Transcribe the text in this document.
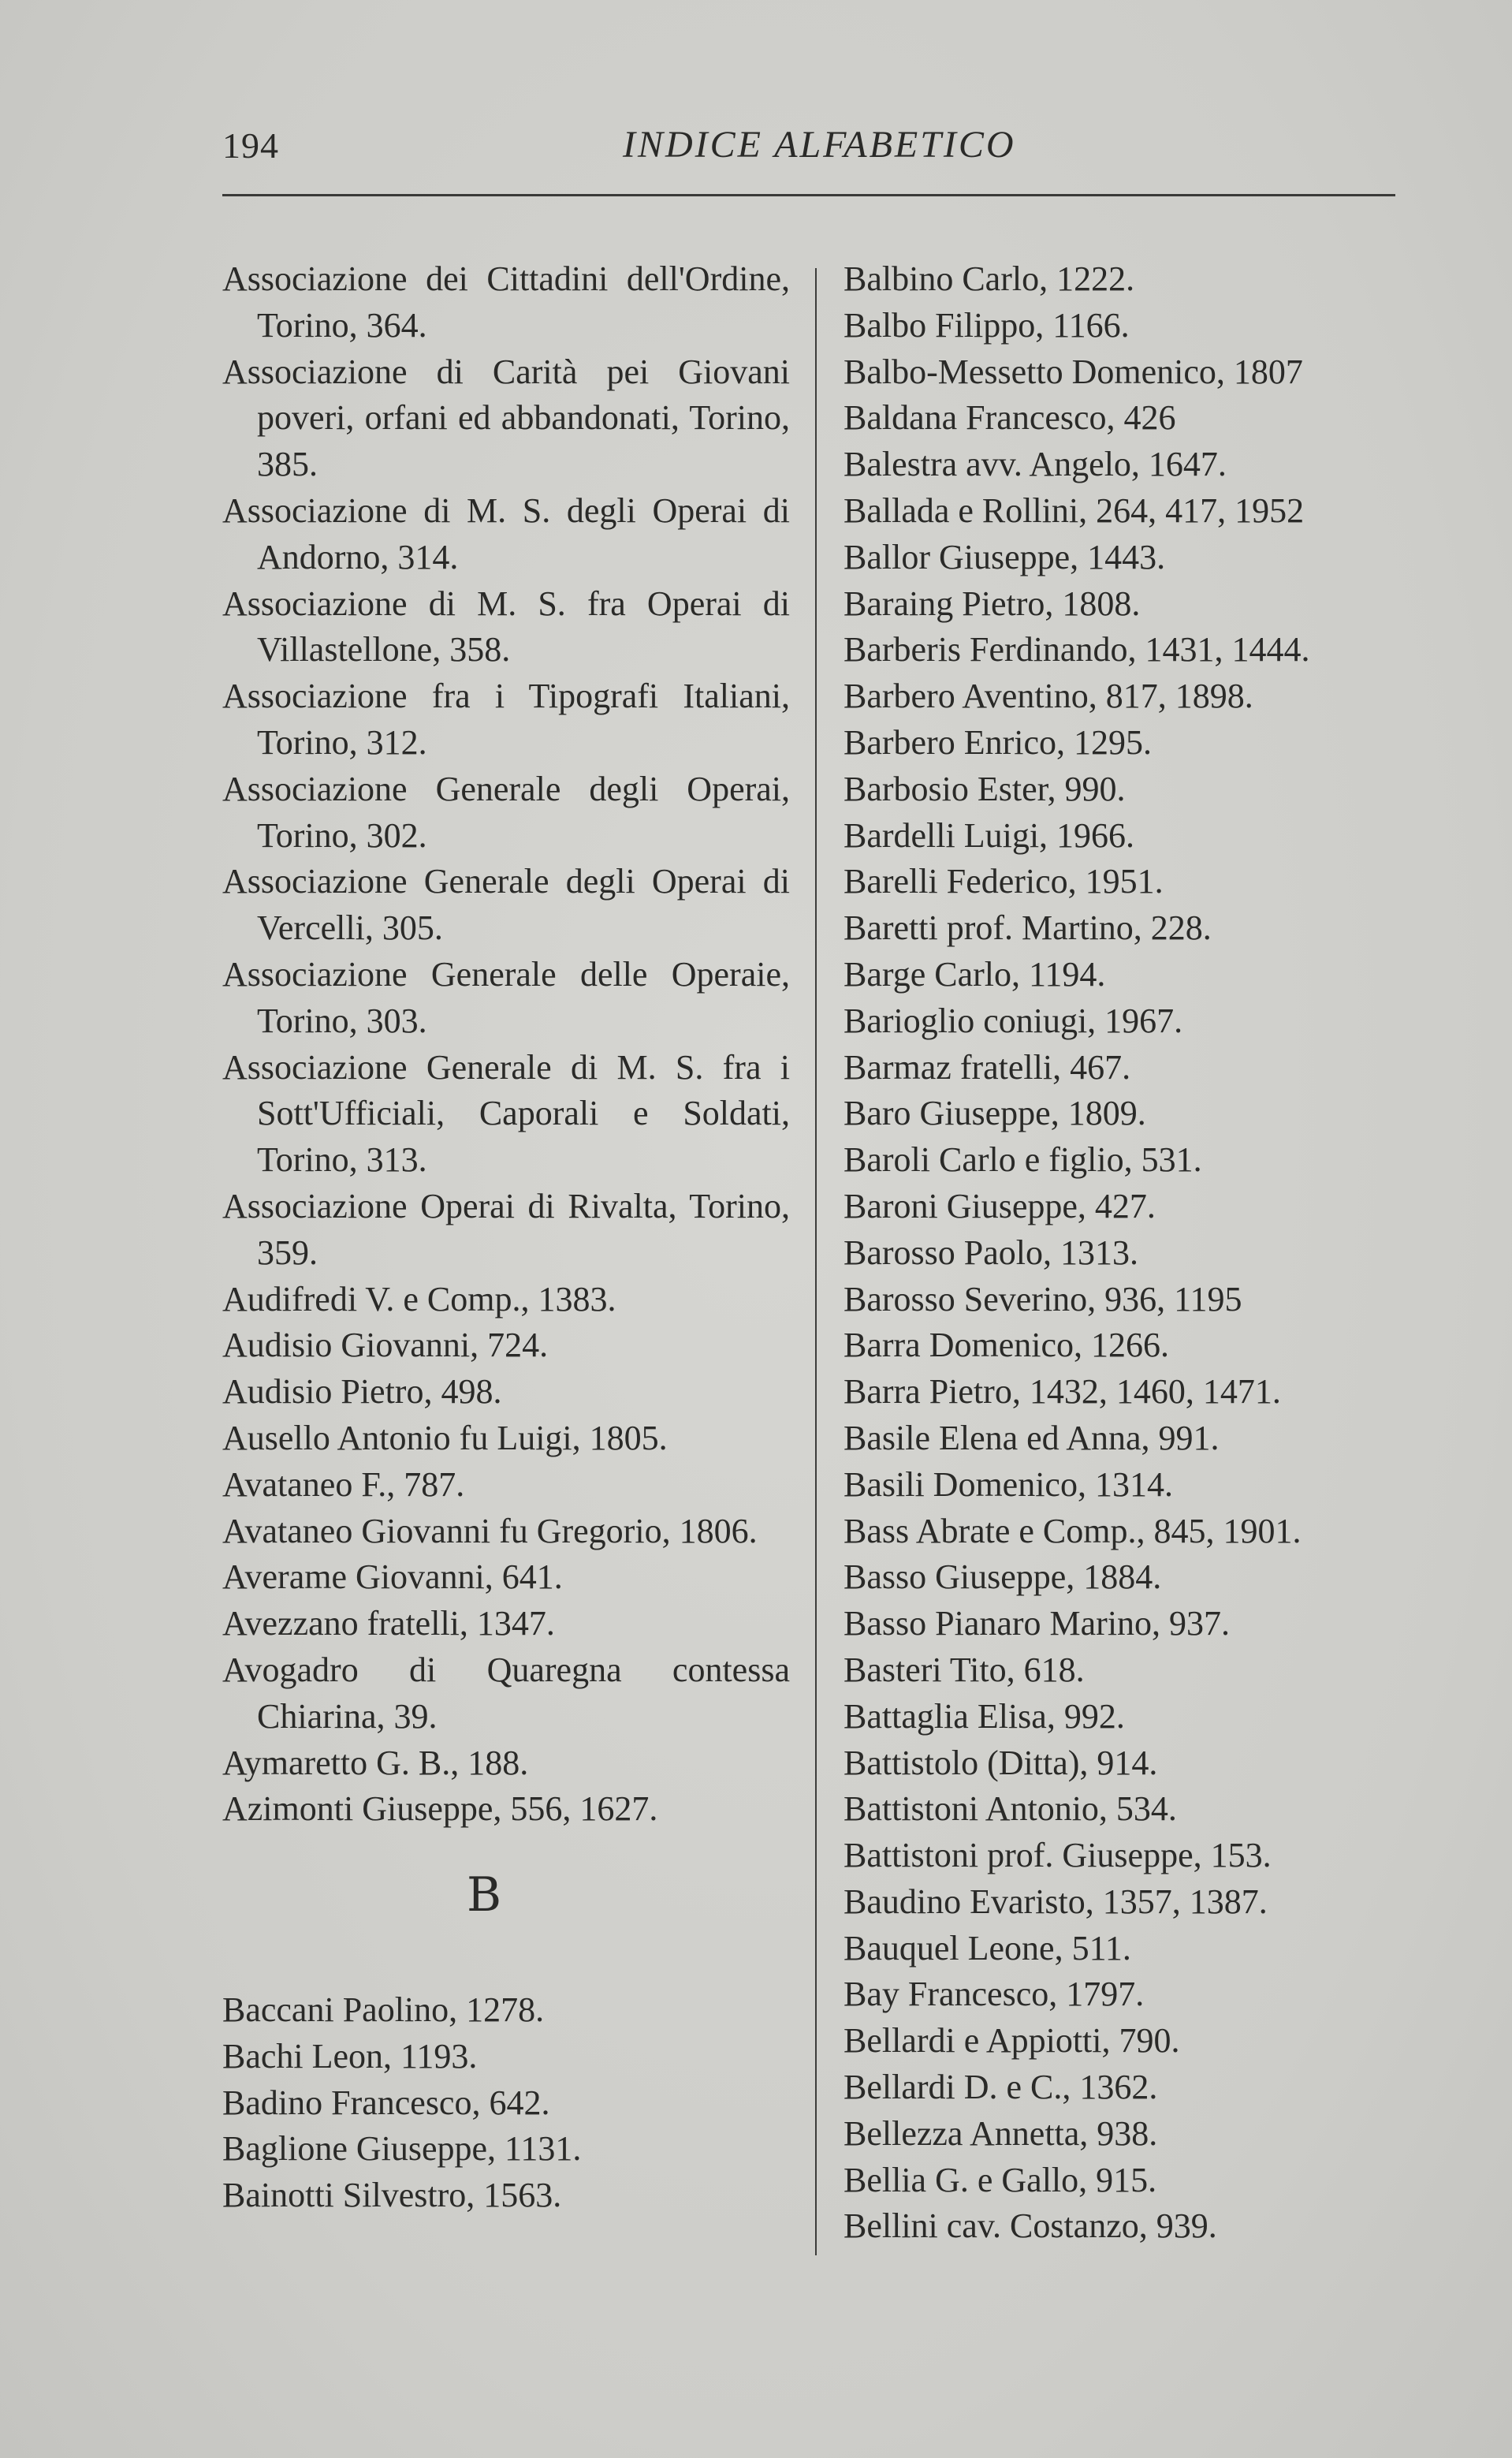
194	INDICE ALFABETICO
Associazione dei Cittadini dell'Ordine, Torino, 364.
Associazione di Carità pei Giovani poveri, orfani ed abbandonati, Torino, 385.
Associazione di M. S. degli Operai di Andorno, 314.
Associazione di M. S. fra Operai di Villastellone, 358.
Associazione fra i Tipografi Italiani, Torino, 312.
Associazione Generale degli Operai, Torino, 302.
Associazione Generale degli Operai di Vercelli, 305.
Associazione Generale delle Operaie, Torino, 303.
Associazione Generale di M. S. fra i Sott'Ufficiali, Caporali e Soldati, Torino, 313.
Associazione Operai di Rivalta, Torino, 359.
Audifredi V. e Comp., 1383.
Audisio Giovanni, 724.
Audisio Pietro, 498.
Ausello Antonio fu Luigi, 1805.
Avataneo F., 787.
Avataneo Giovanni fu Gregorio, 1806.
Averame Giovanni, 641.
Avezzano fratelli, 1347.
Avogadro di Quaregna contessa Chiarina, 39.
Aymaretto G. B., 188.
Azimonti Giuseppe, 556, 1627.
B
Baccani Paolino, 1278.
Bachi Leon, 1193.
Badino Francesco, 642.
Baglione Giuseppe, 1131.
Bainotti Silvestro, 1563.
Balbino Carlo, 1222.
Balbo Filippo, 1166.
Balbo-Messetto Domenico, 1807
Baldana Francesco, 426
Balestra avv. Angelo, 1647.
Ballada e Rollini, 264, 417, 1952
Ballor Giuseppe, 1443.
Baraing Pietro, 1808.
Barberis Ferdinando, 1431, 1444.
Barbero Aventino, 817, 1898.
Barbero Enrico, 1295.
Barbosio Ester, 990.
Bardelli Luigi, 1966.
Barelli Federico, 1951.
Baretti prof. Martino, 228.
Barge Carlo, 1194.
Barioglio coniugi, 1967.
Barmaz fratelli, 467.
Baro Giuseppe, 1809.
Baroli Carlo e figlio, 531.
Baroni Giuseppe, 427.
Barosso Paolo, 1313.
Barosso Severino, 936, 1195
Barra Domenico, 1266.
Barra Pietro, 1432, 1460, 1471.
Basile Elena ed Anna, 991.
Basili Domenico, 1314.
Bass Abrate e Comp., 845, 1901.
Basso Giuseppe, 1884.
Basso Pianaro Marino, 937.
Basteri Tito, 618.
Battaglia Elisa, 992.
Battistolo (Ditta), 914.
Battistoni Antonio, 534.
Battistoni prof. Giuseppe, 153.
Baudino Evaristo, 1357, 1387.
Bauquel Leone, 511.
Bay Francesco, 1797.
Bellardi e Appiotti, 790.
Bellardi D. e C., 1362.
Bellezza Annetta, 938.
Bellia G. e Gallo, 915.
Bellini cav. Costanzo, 939.
